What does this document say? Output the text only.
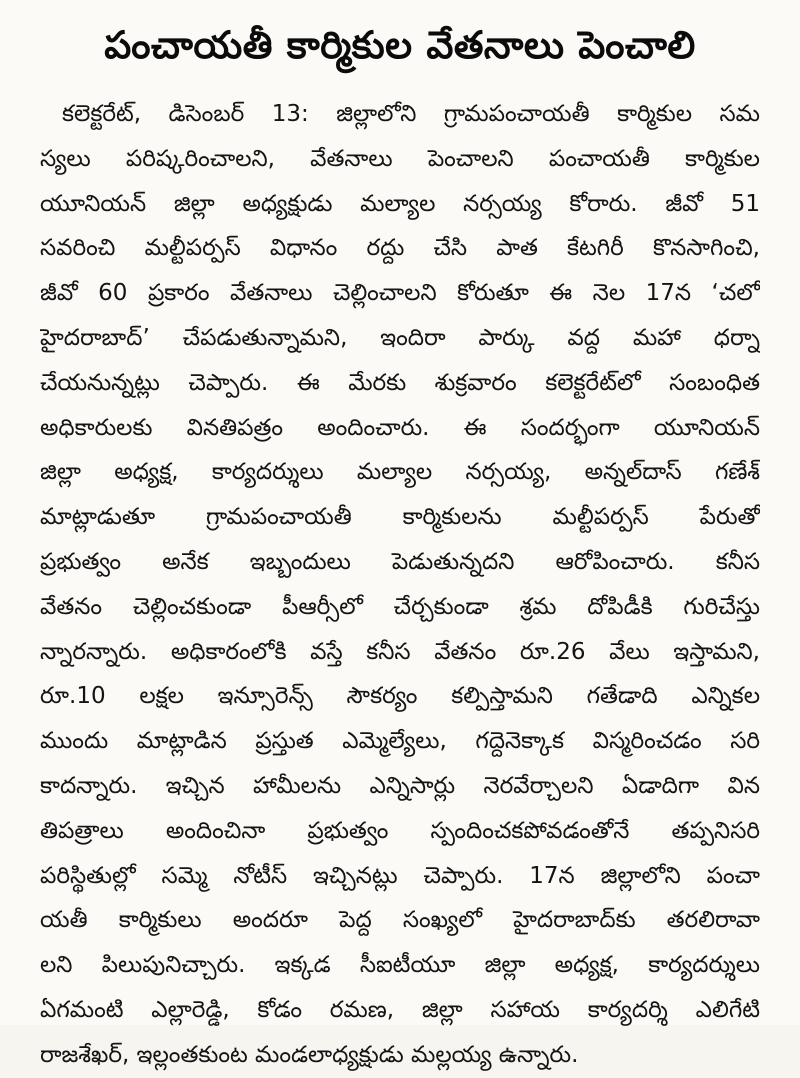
పంచాయతీ కార్మికుల వేతనాలు పెంచాలి
కలెక్టరేట్, డిసెంబర్ 13: జిల్లాలోని గ్రామపంచాయతీ కార్మికుల సమ
స్యలు పరిష్కరించాలని, వేతనాలు పెంచాలని పంచాయతీ కార్మికుల
యూనియన్ జిల్లా అధ్యక్షుడు మల్యాల నర్సయ్య కోరారు. జీవో 51
సవరించి మల్టీపర్పస్ విధానం రద్దు చేసి పాత కేటగిరీ కొనసాగించి,
జీవో 60 ప్రకారం వేతనాలు చెల్లించాలని కోరుతూ ఈ నెల 17న ‘చలో
హైదరాబాద్’ చేపడుతున్నామని, ఇందిరా పార్కు వద్ద మహా ధర్నా
చేయనున్నట్లు చెప్పారు. ఈ మేరకు శుక్రవారం కలెక్టరేట్‌లో సంబంధిత
అధికారులకు వినతిపత్రం అందించారు. ఈ సందర్భంగా యూనియన్
జిల్లా అధ్యక్ష, కార్యదర్శులు మల్యాల నర్సయ్య, అన్నల్‌దాస్ గణేశ్
మాట్లాడుతూ గ్రామపంచాయతీ కార్మికులను మల్టీపర్పస్ పేరుతో
ప్రభుత్వం అనేక ఇబ్బందులు పెడుతున్నదని ఆరోపించారు. కనీస
వేతనం చెల్లించకుండా పీఆర్సీలో చేర్చకుండా శ్రమ దోపిడీకి గురిచేస్తు
న్నారన్నారు. అధికారంలోకి వస్తే కనీస వేతనం రూ.26 వేలు ఇస్తామని,
రూ.10 లక్షల ఇన్సూరెన్స్ సౌకర్యం కల్పిస్తామని గతేడాది ఎన్నికల
ముందు మాట్లాడిన ప్రస్తుత ఎమ్మెల్యేలు, గద్దెనెక్కాక విస్మరించడం సరి
కాదన్నారు. ఇచ్చిన హామీలను ఎన్నిసార్లు నెరవేర్చాలని ఏడాదిగా విన
తిపత్రాలు అందించినా ప్రభుత్వం స్పందించకపోవడంతోనే తప్పనిసరి
పరిస్థితుల్లో సమ్మె నోటీస్ ఇచ్చినట్లు చెప్పారు. 17న జిల్లాలోని పంచా
యతీ కార్మికులు అందరూ పెద్ద సంఖ్యలో హైదరాబాద్‌కు తరలిరావా
లని పిలుపునిచ్చారు. ఇక్కడ సీఐటీయూ జిల్లా అధ్యక్ష, కార్యదర్శులు
ఏగమంటి ఎల్లారెడ్డి, కోడం రమణ, జిల్లా సహాయ కార్యదర్శి ఎలిగేటి
రాజశేఖర్, ఇల్లంతకుంట మండలాధ్యక్షుడు మల్లయ్య ఉన్నారు.
